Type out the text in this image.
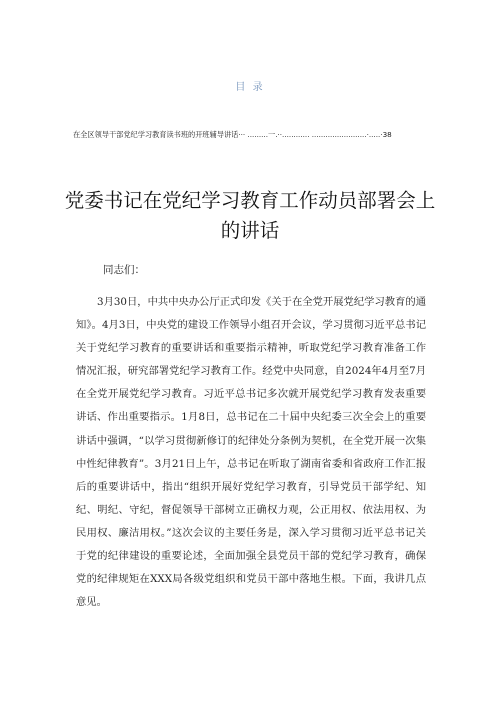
目 录
在全区领导干部党纪学习教育读书班的开班辅导讲话··· .........一.··............ ........................·.....·38
党委书记在党纪学习教育工作动员部署会上的讲话
同志们：

3月30日，中共中央办公厅正式印发《关于在全党开展党纪学习教育的通知》。4月3日，中央党的建设工作领导小组召开会议，学习贯彻习近平总书记关于党纪学习教育的重要讲话和重要指示精神，听取党纪学习教育准备工作情况汇报，研究部署党纪学习教育工作。经党中央同意，自2024年4月至7月在全党开展党纪学习教育。习近平总书记多次就开展党纪学习教育发表重要讲话、作出重要指示。1月8日，总书记在二十届中央纪委三次全会上的重要讲话中强调，“以学习贯彻新修订的纪律处分条例为契机，在全党开展一次集中性纪律教育”。3月21日上午，总书记在听取了湖南省委和省政府工作汇报后的重要讲话中，指出“组织开展好党纪学习教育，引导党员干部学纪、知纪、明纪、守纪，督促领导干部树立正确权力观，公正用权、依法用权、为民用权、廉洁用权。”这次会议的主要任务是，深入学习贯彻习近平总书记关于党的纪律建设的重要论述，全面加强全县党员干部的党纪学习教育，确保党的纪律规矩在XXX局各级党组织和党员干部中落地生根。下面，我讲几点意见。
